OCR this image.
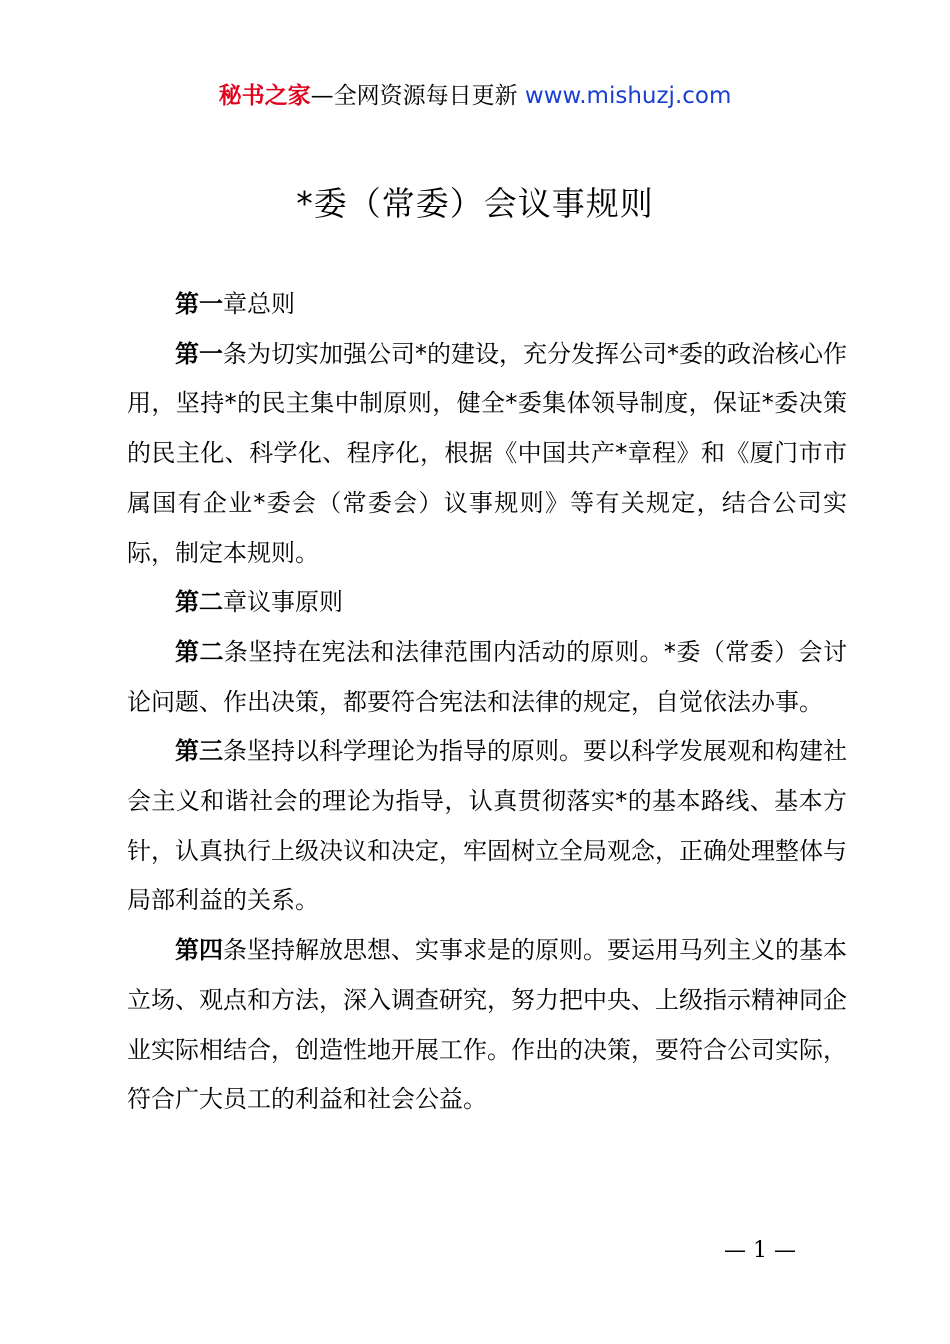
秘书之家—全网资源每日更新 www.mishuzj.com
*委（常委）会议事规则

第一章总则

第一条为切实加强公司*的建设，充分发挥公司*委的政治核心作用，坚持*的民主集中制原则，健全*委集体领导制度，保证*委决策的民主化、科学化、程序化，根据《中国共产*章程》和《厦门市市属国有企业*委会（常委会）议事规则》等有关规定，结合公司实际，制定本规则。

第二章议事原则

第二条坚持在宪法和法律范围内活动的原则。*委（常委）会讨论问题、作出决策，都要符合宪法和法律的规定，自觉依法办事。

第三条坚持以科学理论为指导的原则。要以科学发展观和构建社会主义和谐社会的理论为指导，认真贯彻落实*的基本路线、基本方针，认真执行上级决议和决定，牢固树立全局观念，正确处理整体与局部利益的关系。

第四条坚持解放思想、实事求是的原则。要运用马列主义的基本立场、观点和方法，深入调查研究，努力把中央、上级指示精神同企业实际相结合，创造性地开展工作。作出的决策，要符合公司实际，符合广大员工的利益和社会公益。

— 1 —
